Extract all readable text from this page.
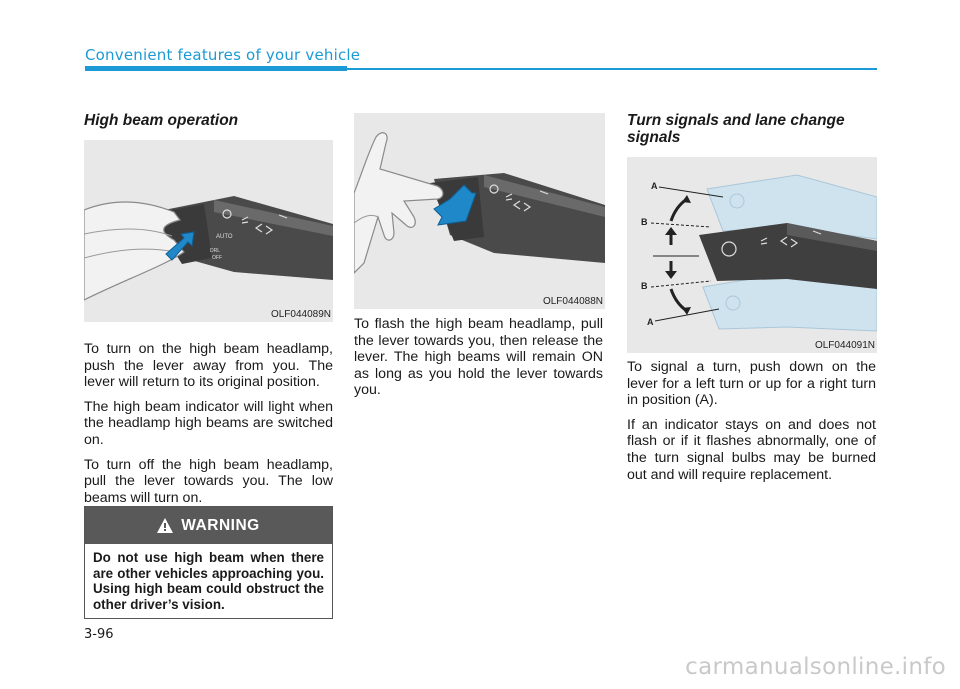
Convenient features of your vehicle
High beam operation
AUTO
DRL
OFF
OLF044089N

To turn on the high beam headlamp, push the lever away from you. The lever will return to its original position.

The high beam indicator will light when the headlamp high beams are switched on.

To turn off the high beam headlamp, pull the lever towards you. The low beams will turn on.

WARNING
Do not use high beam when there are other vehicles approaching you. Using high beam could obstruct the other driver’s vision.
OLF044088N

To flash the high beam headlamp, pull the lever towards you, then release the lever. The high beams will remain ON as long as you hold the lever towards you.

Turn signals and lane change signals
A
B
B
A
OLF044091N

To signal a turn, push down on the lever for a left turn or up for a right turn in position (A).

If an indicator stays on and does not flash or if it flashes abnormally, one of the turn signal bulbs may be burned out and will require replacement.

3-96
carmanualsonline.info
